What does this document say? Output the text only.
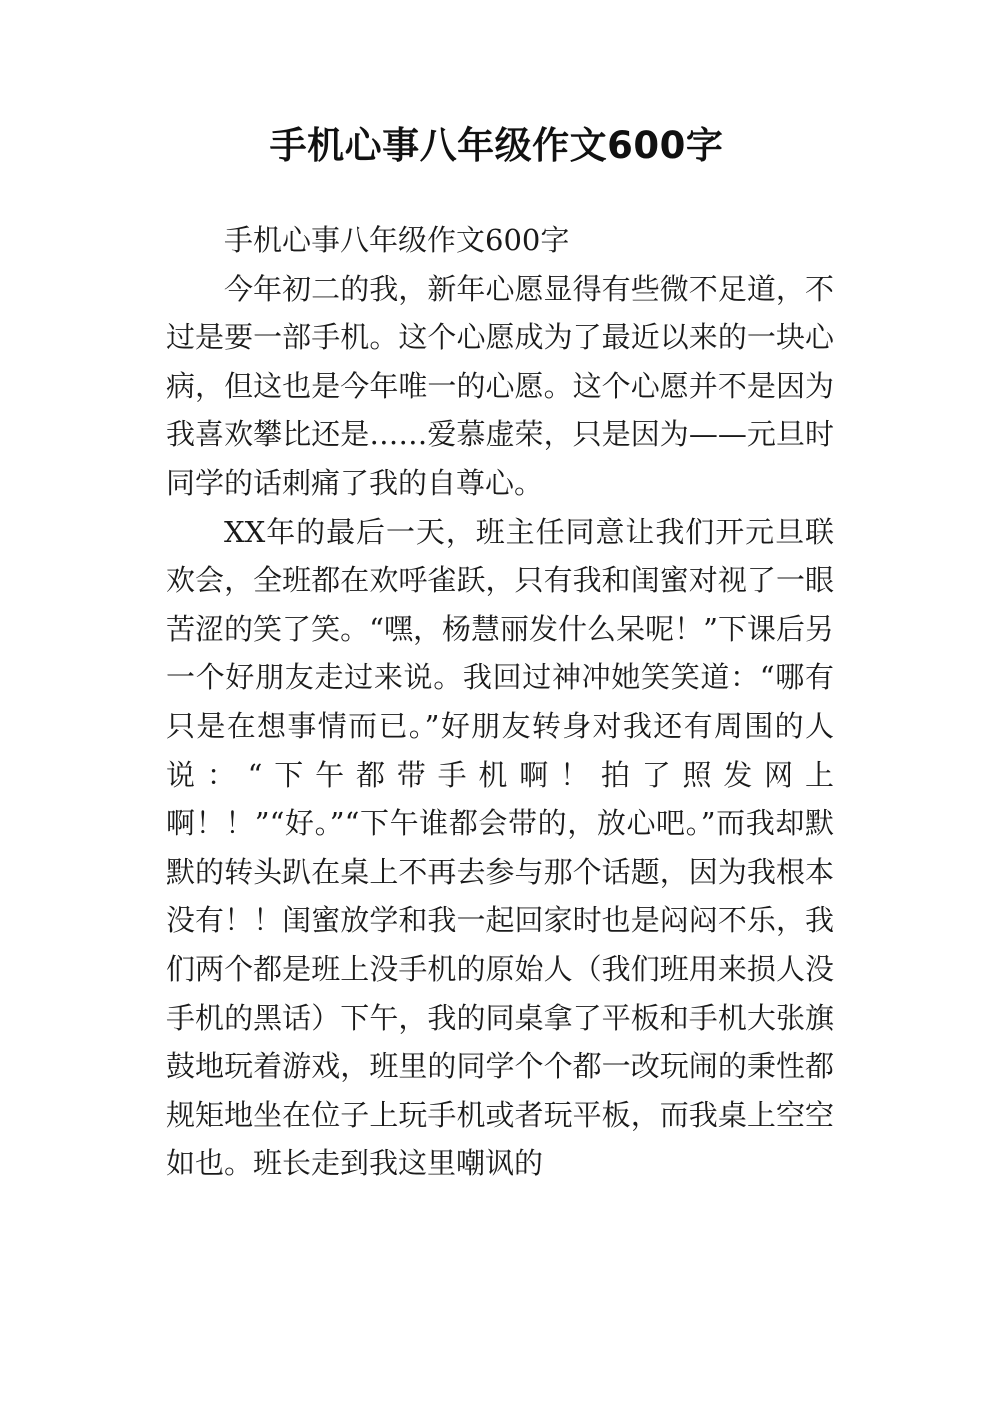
手机心事八年级作文600字

手机心事八年级作文600字

今年初二的我，新年心愿显得有些微不足道，不过是要一部手机。这个心愿成为了最近以来的一块心病，但这也是今年唯一的心愿。这个心愿并不是因为我喜欢攀比还是……爱慕虚荣，只是因为——元旦时同学的话刺痛了我的自尊心。

XX年的最后一天，班主任同意让我们开元旦联欢会，全班都在欢呼雀跃，只有我和闺蜜对视了一眼苦涩的笑了笑。“嘿，杨慧丽发什么呆呢！”下课后另一个好朋友走过来说。我回过神冲她笑笑道：“哪有只是在想事情而已。”好朋友转身对我还有周围的人说：“下午都带手机啊！拍了照发网上啊！！”“好。”“下午谁都会带的，放心吧。”而我却默默的转头趴在桌上不再去参与那个话题，因为我根本没有！！闺蜜放学和我一起回家时也是闷闷不乐，我们两个都是班上没手机的原始人（我们班用来损人没手机的黑话）下午，我的同桌拿了平板和手机大张旗鼓地玩着游戏，班里的同学个个都一改玩闹的秉性都规矩地坐在位子上玩手机或者玩平板，而我桌上空空如也。班长走到我这里嘲讽的
